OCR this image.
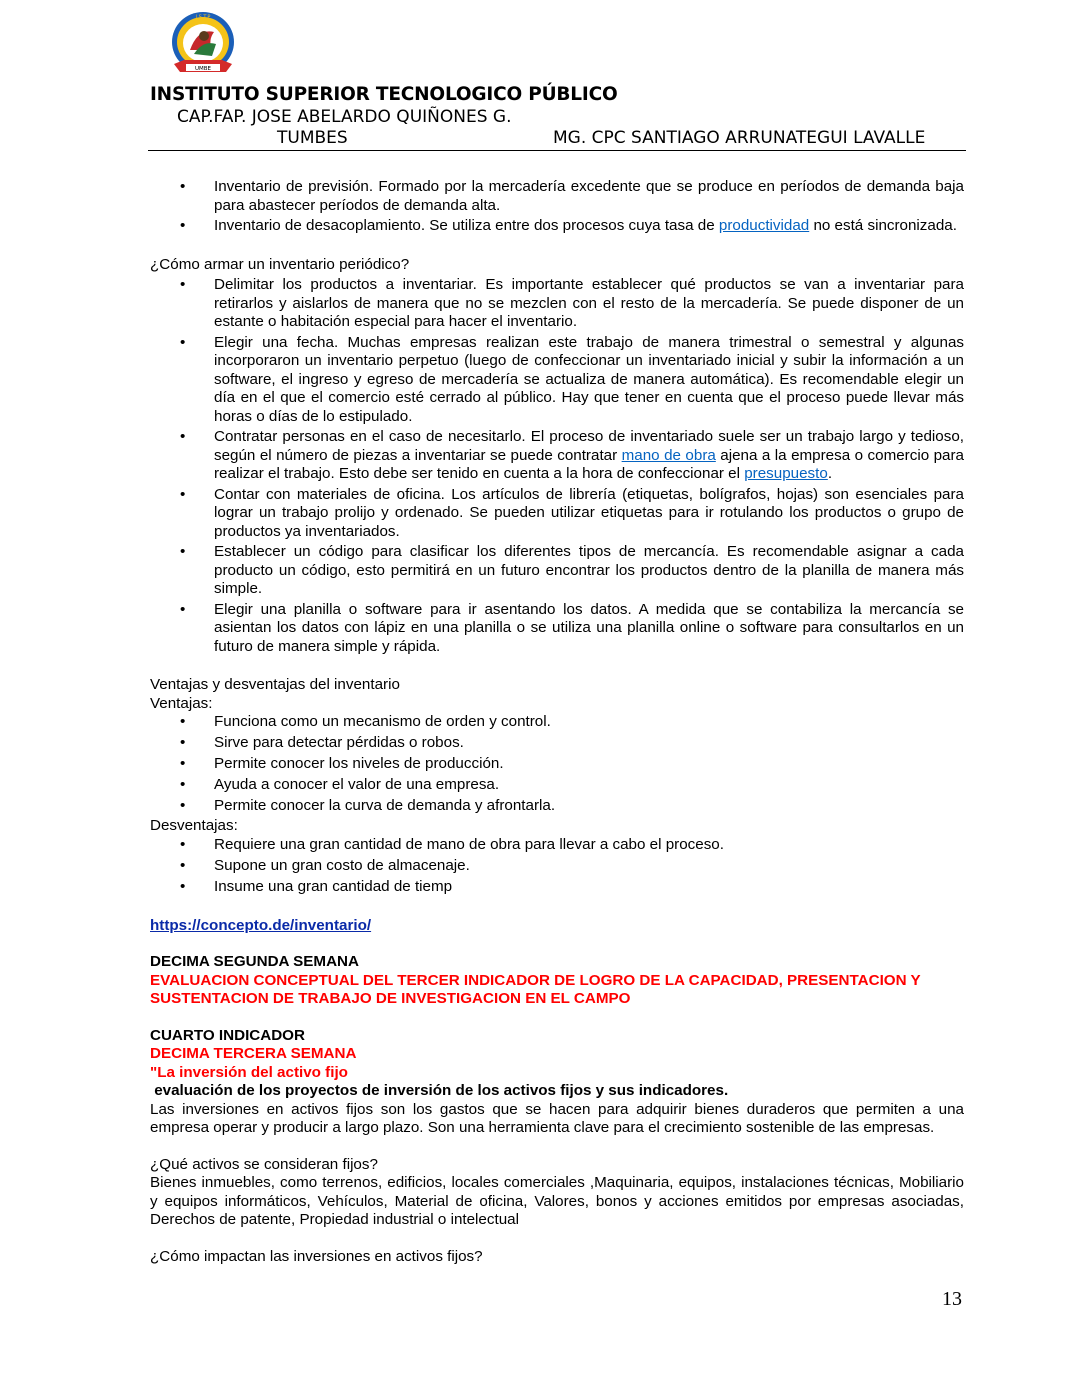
UMBE
I.S.T.P
INSTITUTO SUPERIOR TECNOLOGICO PÚBLICO
CAP.FAP. JOSE ABELARDO QUIÑONES G.
TUMBES	MG. CPC SANTIAGO ARRUNATEGUI LAVALLE
• Inventario de previsión. Formado por la mercadería excedente que se produce en períodos de demanda baja para abastecer períodos de demanda alta.
• Inventario de desacoplamiento. Se utiliza entre dos procesos cuya tasa de productividad no está sincronizada.

¿Cómo armar un inventario periódico?

• Delimitar los productos a inventariar. Es importante establecer qué productos se van a inventariar para retirarlos y aislarlos de manera que no se mezclen con el resto de la mercadería. Se puede disponer de un estante o habitación especial para hacer el inventario.
• Elegir una fecha. Muchas empresas realizan este trabajo de manera trimestral o semestral y algunas incorporaron un inventario perpetuo (luego de confeccionar un inventariado inicial y subir la información a un software, el ingreso y egreso de mercadería se actualiza de manera automática). Es recomendable elegir un día en el que el comercio esté cerrado al público. Hay que tener en cuenta que el proceso puede llevar más horas o días de lo estipulado.
• Contratar personas en el caso de necesitarlo. El proceso de inventariado suele ser un trabajo largo y tedioso, según el número de piezas a inventariar se puede contratar mano de obra ajena a la empresa o comercio para realizar el trabajo. Esto debe ser tenido en cuenta a la hora de confeccionar el presupuesto.
• Contar con materiales de oficina. Los artículos de librería (etiquetas, bolígrafos, hojas) son esenciales para lograr un trabajo prolijo y ordenado. Se pueden utilizar etiquetas para ir rotulando los productos o grupo de productos ya inventariados.
• Establecer un código para clasificar los diferentes tipos de mercancía. Es recomendable asignar a cada producto un código, esto permitirá en un futuro encontrar los productos dentro de la planilla de manera más simple.
• Elegir una planilla o software para ir asentando los datos. A medida que se contabiliza la mercancía se asientan los datos con lápiz en una planilla o se utiliza una planilla online o software para consultarlos en un futuro de manera simple y rápida.

Ventajas y desventajas del inventario

Ventajas:

• Funciona como un mecanismo de orden y control.
• Sirve para detectar pérdidas o robos.
• Permite conocer los niveles de producción.
• Ayuda a conocer el valor de una empresa.
• Permite conocer la curva de demanda y afrontarla.

Desventajas:

• Requiere una gran cantidad de mano de obra para llevar a cabo el proceso.
• Supone un gran costo de almacenaje.
• Insume una gran cantidad de tiemp

https://concepto.de/inventario/

DECIMA SEGUNDA SEMANA

EVALUACION CONCEPTUAL DEL TERCER INDICADOR DE LOGRO DE LA CAPACIDAD, PRESENTACION Y SUSTENTACION DE TRABAJO DE INVESTIGACION EN EL CAMPO

CUARTO INDICADOR

DECIMA TERCERA SEMANA

"La inversión del activo fijo

evaluación de los proyectos de inversión de los activos fijos y sus indicadores.

Las inversiones en activos fijos son los gastos que se hacen para adquirir bienes duraderos que permiten a una empresa operar y producir a largo plazo. Son una herramienta clave para el crecimiento sostenible de las empresas.

¿Qué activos se consideran fijos?

Bienes inmuebles, como terrenos, edificios, locales comerciales ,Maquinaria, equipos, instalaciones técnicas, Mobiliario y equipos informáticos, Vehículos, Material de oficina, Valores, bonos y acciones emitidos por empresas asociadas, Derechos de patente, Propiedad industrial o intelectual

¿Cómo impactan las inversiones en activos fijos?

13
